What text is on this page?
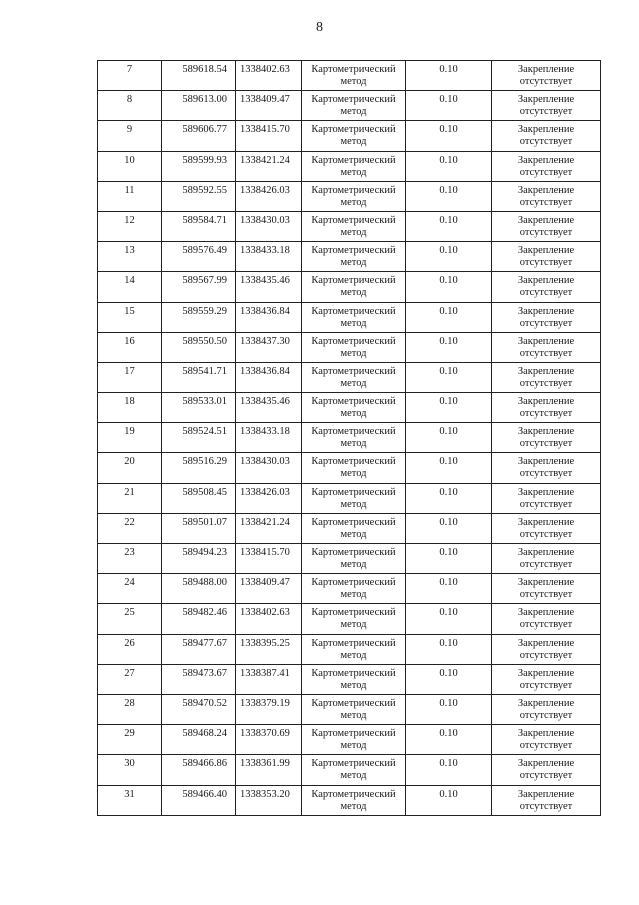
8
7	589618.54	1338402.63	Картометрический метод	0.10	Закрепление отсутствует
8	589613.00	1338409.47	Картометрический метод	0.10	Закрепление отсутствует
9	589606.77	1338415.70	Картометрический метод	0.10	Закрепление отсутствует
10	589599.93	1338421.24	Картометрический метод	0.10	Закрепление отсутствует
11	589592.55	1338426.03	Картометрический метод	0.10	Закрепление отсутствует
12	589584.71	1338430.03	Картометрический метод	0.10	Закрепление отсутствует
13	589576.49	1338433.18	Картометрический метод	0.10	Закрепление отсутствует
14	589567.99	1338435.46	Картометрический метод	0.10	Закрепление отсутствует
15	589559.29	1338436.84	Картометрический метод	0.10	Закрепление отсутствует
16	589550.50	1338437.30	Картометрический метод	0.10	Закрепление отсутствует
17	589541.71	1338436.84	Картометрический метод	0.10	Закрепление отсутствует
18	589533.01	1338435.46	Картометрический метод	0.10	Закрепление отсутствует
19	589524.51	1338433.18	Картометрический метод	0.10	Закрепление отсутствует
20	589516.29	1338430.03	Картометрический метод	0.10	Закрепление отсутствует
21	589508.45	1338426.03	Картометрический метод	0.10	Закрепление отсутствует
22	589501.07	1338421.24	Картометрический метод	0.10	Закрепление отсутствует
23	589494.23	1338415.70	Картометрический метод	0.10	Закрепление отсутствует
24	589488.00	1338409.47	Картометрический метод	0.10	Закрепление отсутствует
25	589482.46	1338402.63	Картометрический метод	0.10	Закрепление отсутствует
26	589477.67	1338395.25	Картометрический метод	0.10	Закрепление отсутствует
27	589473.67	1338387.41	Картометрический метод	0.10	Закрепление отсутствует
28	589470.52	1338379.19	Картометрический метод	0.10	Закрепление отсутствует
29	589468.24	1338370.69	Картометрический метод	0.10	Закрепление отсутствует
30	589466.86	1338361.99	Картометрический метод	0.10	Закрепление отсутствует
31	589466.40	1338353.20	Картометрический метод	0.10	Закрепление отсутствует
